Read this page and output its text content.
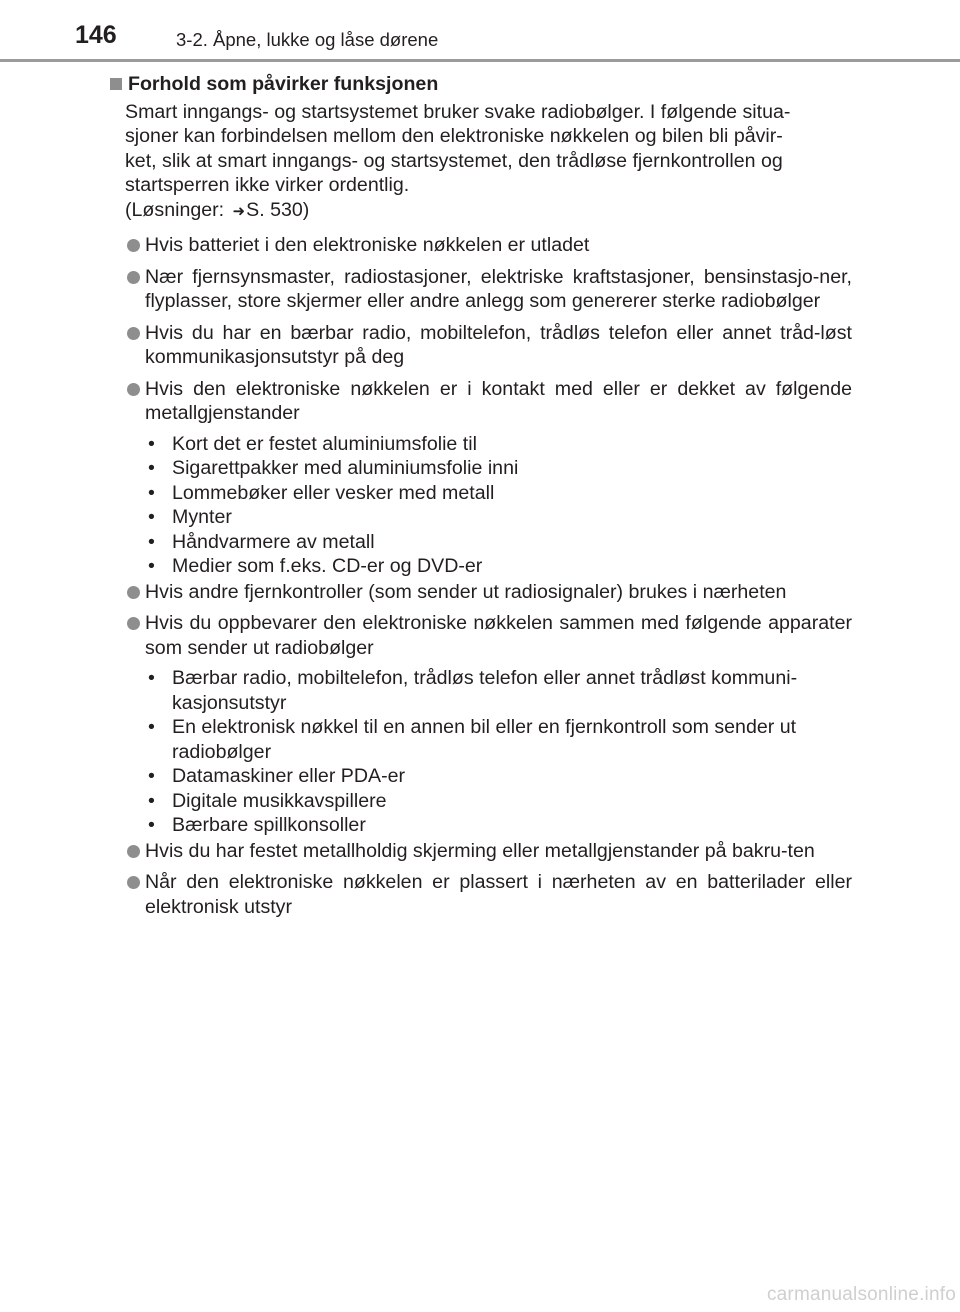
146	3-2. Åpne, lukke og låse dørene
Forhold som påvirker funksjonen

Smart inngangs- og startsystemet bruker svake radiobølger. I følgende situa-

sjoner kan forbindelsen mellom den elektroniske nøkkelen og bilen bli påvir-

ket, slik at smart inngangs- og startsystemet, den trådløse fjernkontrollen og

startsperren ikke virker ordentlig.

(Løsninger: ➜S. 530)

Hvis batteriet i den elektroniske nøkkelen er utladet
Nær fjernsynsmaster, radiostasjoner, elektriske kraftstasjoner, bensinstasjo-ner, flyplasser, store skjermer eller andre anlegg som genererer sterke radiobølger
Hvis du har en bærbar radio, mobiltelefon, trådløs telefon eller annet tråd-løst kommunikasjonsutstyr på deg
Hvis den elektroniske nøkkelen er i kontakt med eller er dekket av følgende metallgjenstander
• Kort det er festet aluminiumsfolie til
• Sigarettpakker med aluminiumsfolie inni
• Lommebøker eller vesker med metall
• Mynter
• Håndvarmere av metall
• Medier som f.eks. CD-er og DVD-er
Hvis andre fjernkontroller (som sender ut radiosignaler) brukes i nærheten
Hvis du oppbevarer den elektroniske nøkkelen sammen med følgende apparater som sender ut radiobølger
• Bærbar radio, mobiltelefon, trådløs telefon eller annet trådløst kommuni-kasjonsutstyr
• En elektronisk nøkkel til en annen bil eller en fjernkontroll som sender ut radiobølger
• Datamaskiner eller PDA-er
• Digitale musikkavspillere
• Bærbare spillkonsoller
Hvis du har festet metallholdig skjerming eller metallgjenstander på bakru-ten
Når den elektroniske nøkkelen er plassert i nærheten av en batterilader eller elektronisk utstyr
carmanualsonline.info
